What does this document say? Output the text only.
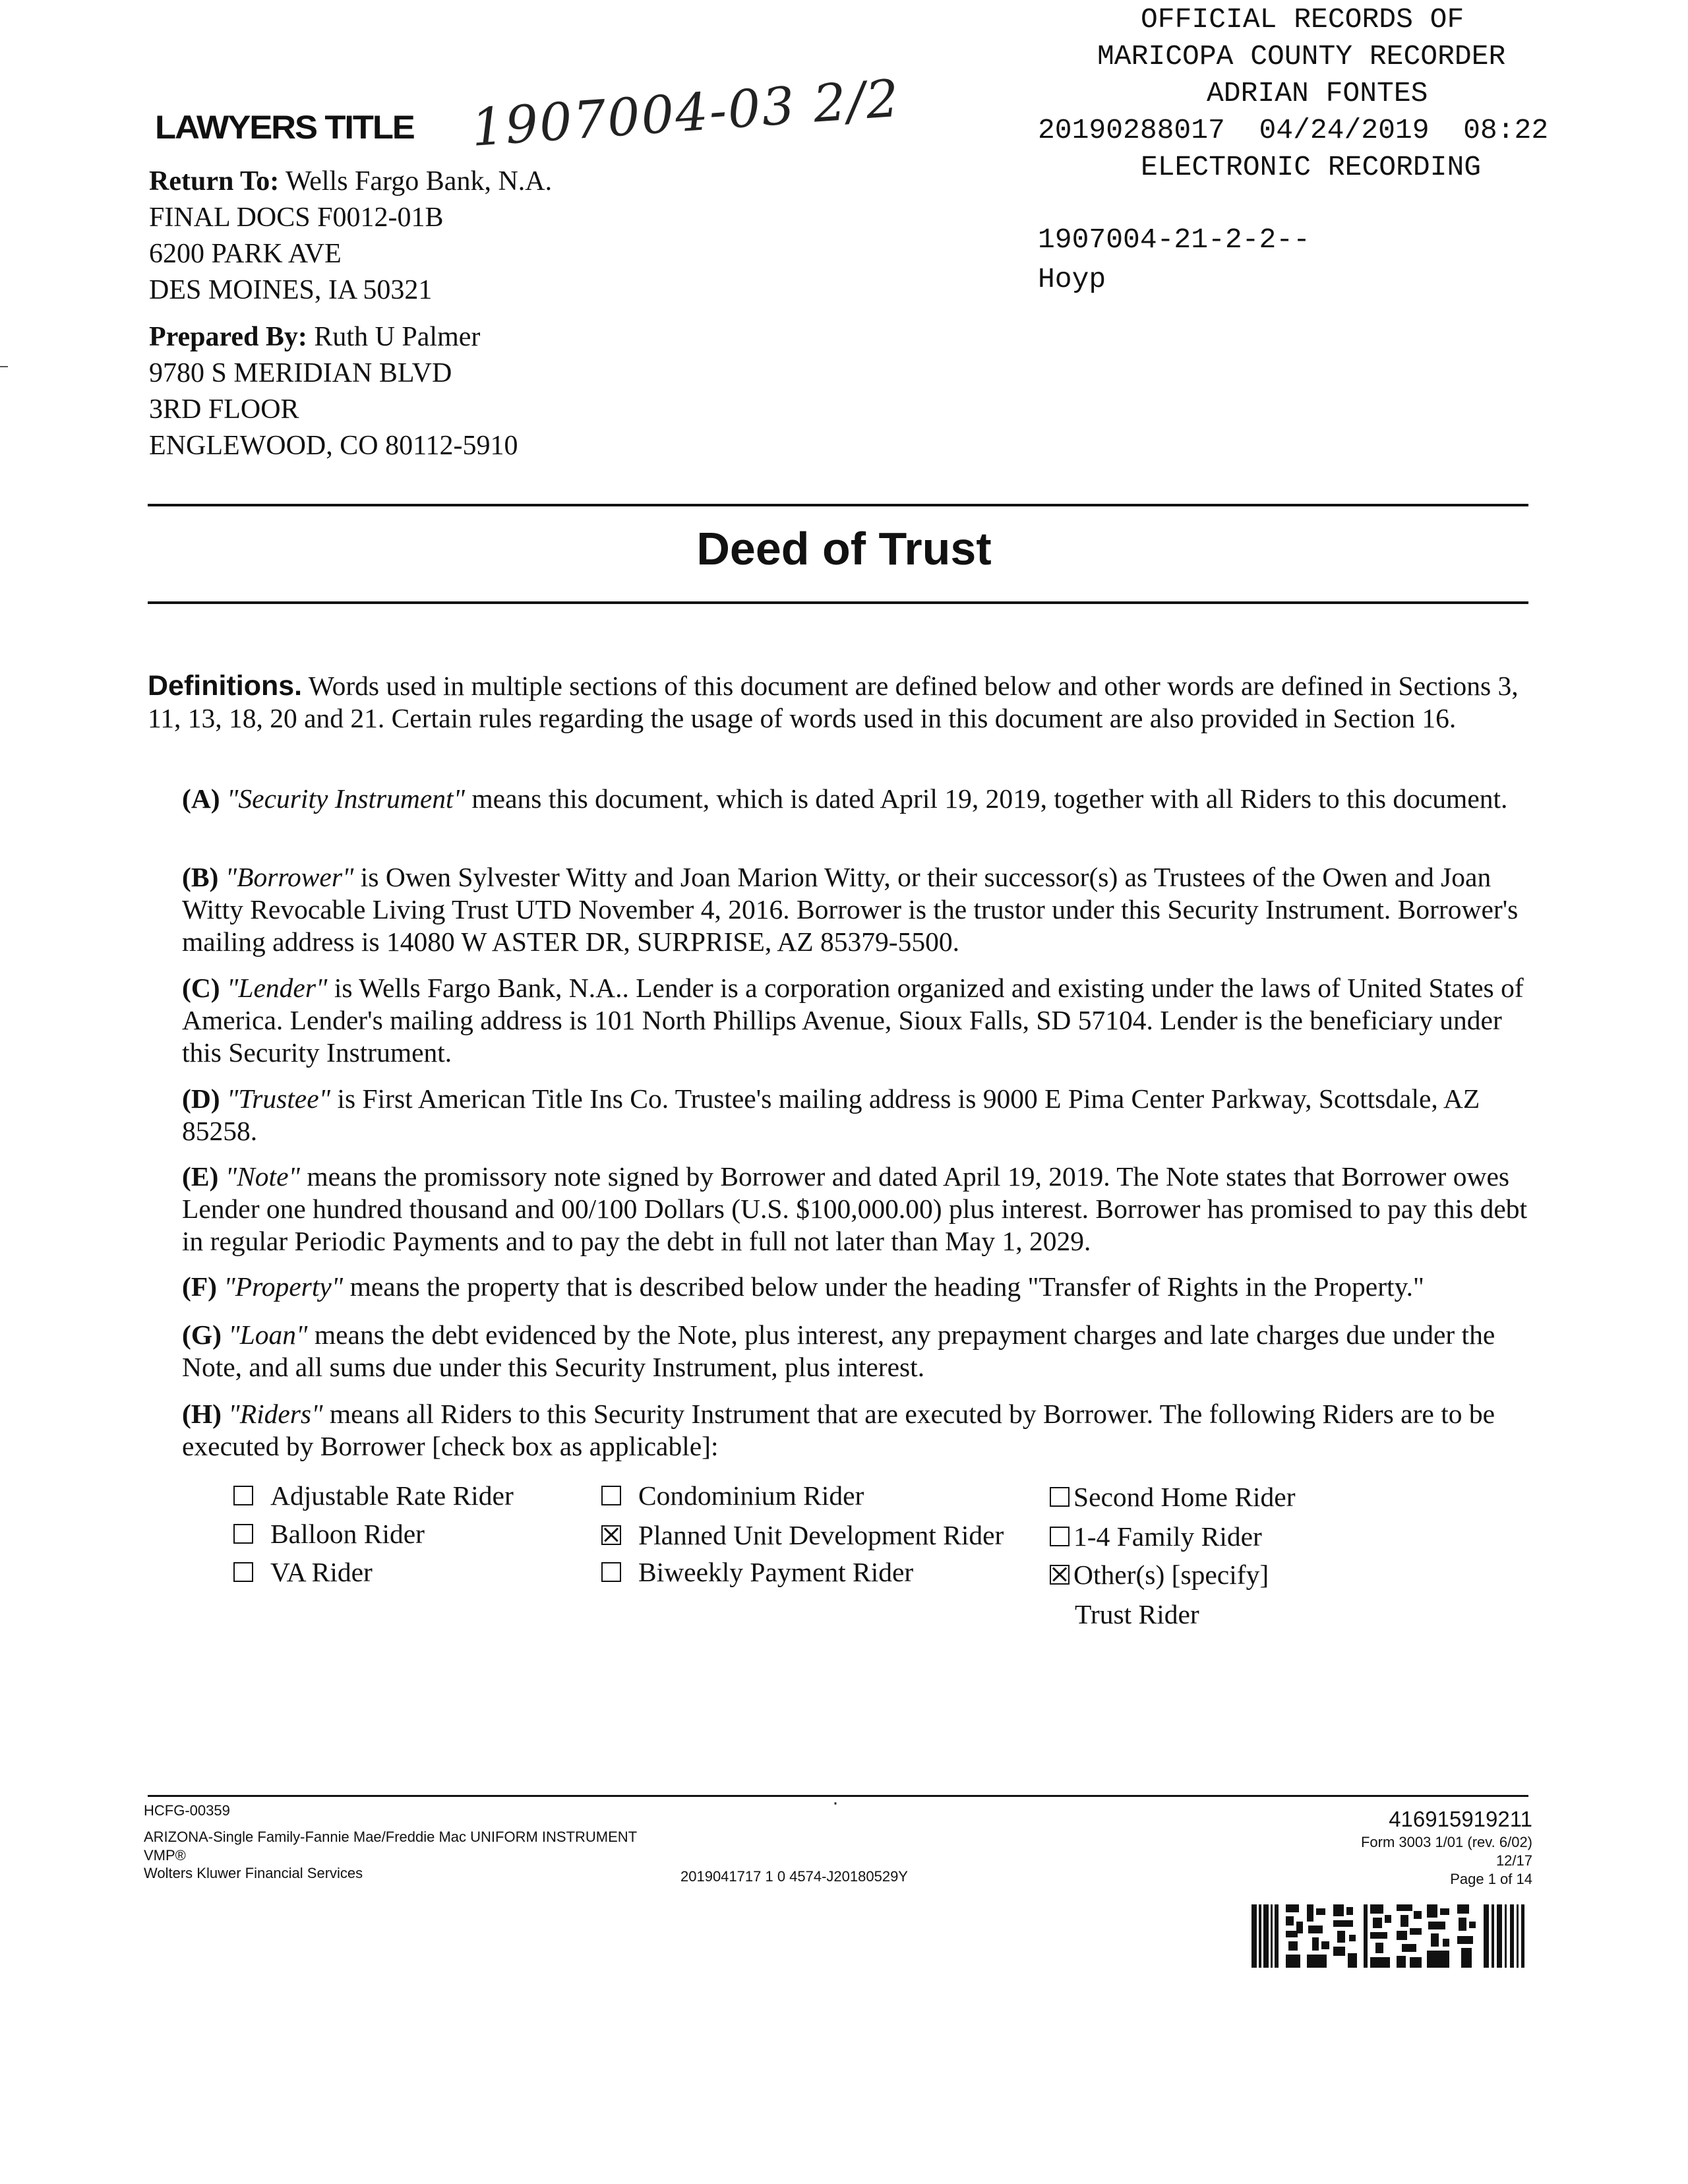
OFFICIAL RECORDS OF

MARICOPA COUNTY RECORDER

ADRIAN FONTES

20190288017  04/24/2019  08:22

ELECTRONIC RECORDING

1907004-21-2-2--

Hoyp

LAWYERS TITLE 1907004-03 2/2
Return To: Wells Fargo Bank, N.A.
FINAL DOCS F0012-01B
6200 PARK AVE
DES MOINES, IA 50321
Prepared By: Ruth U Palmer
9780 S MERIDIAN BLVD
3RD FLOOR
ENGLEWOOD, CO 80112-5910
Deed of Trust
Definitions. Words used in multiple sections of this document are defined below and other words are defined in Sections 3, 11, 13, 18, 20 and 21. Certain rules regarding the usage of words used in this document are also provided in Section 16.
(A) "Security Instrument" means this document, which is dated April 19, 2019, together with all Riders to this document.
(B) "Borrower" is Owen Sylvester Witty and Joan Marion Witty, or their successor(s) as Trustees of the Owen and Joan Witty Revocable Living Trust UTD November 4, 2016. Borrower is the trustor under this Security Instrument. Borrower's mailing address is 14080 W ASTER DR, SURPRISE, AZ 85379-5500.
(C) "Lender" is Wells Fargo Bank, N.A.. Lender is a corporation organized and existing under the laws of United States of America. Lender's mailing address is 101 North Phillips Avenue, Sioux Falls, SD 57104. Lender is the beneficiary under this Security Instrument.
(D) "Trustee" is First American Title Ins Co. Trustee's mailing address is 9000 E Pima Center Parkway, Scottsdale, AZ 85258.
(E) "Note" means the promissory note signed by Borrower and dated April 19, 2019. The Note states that Borrower owes Lender one hundred thousand and 00/100 Dollars (U.S. $100,000.00) plus interest. Borrower has promised to pay this debt in regular Periodic Payments and to pay the debt in full not later than May 1, 2029.
(F) "Property" means the property that is described below under the heading "Transfer of Rights in the Property."
(G) "Loan" means the debt evidenced by the Note, plus interest, any prepayment charges and late charges due under the Note, and all sums due under this Security Instrument, plus interest.
(H) "Riders" means all Riders to this Security Instrument that are executed by Borrower. The following Riders are to be executed by Borrower [check box as applicable]:
Adjustable Rate Rider	Condominium Rider	Second Home Rider
Balloon Rider	Planned Unit Development Rider	1-4 Family Rider
VA Rider	Biweekly Payment Rider	Other(s) [specify]
Trust Rider
HCFG-00359	·
ARIZONA-Single Family-Fannie Mae/Freddie Mac UNIFORM INSTRUMENT
VMP®
Wolters Kluwer Financial Services	2019041717 1 0 4574-J20180529Y
416915919211
Form 3003 1/01 (rev. 6/02)
12/17
Page 1 of 14
